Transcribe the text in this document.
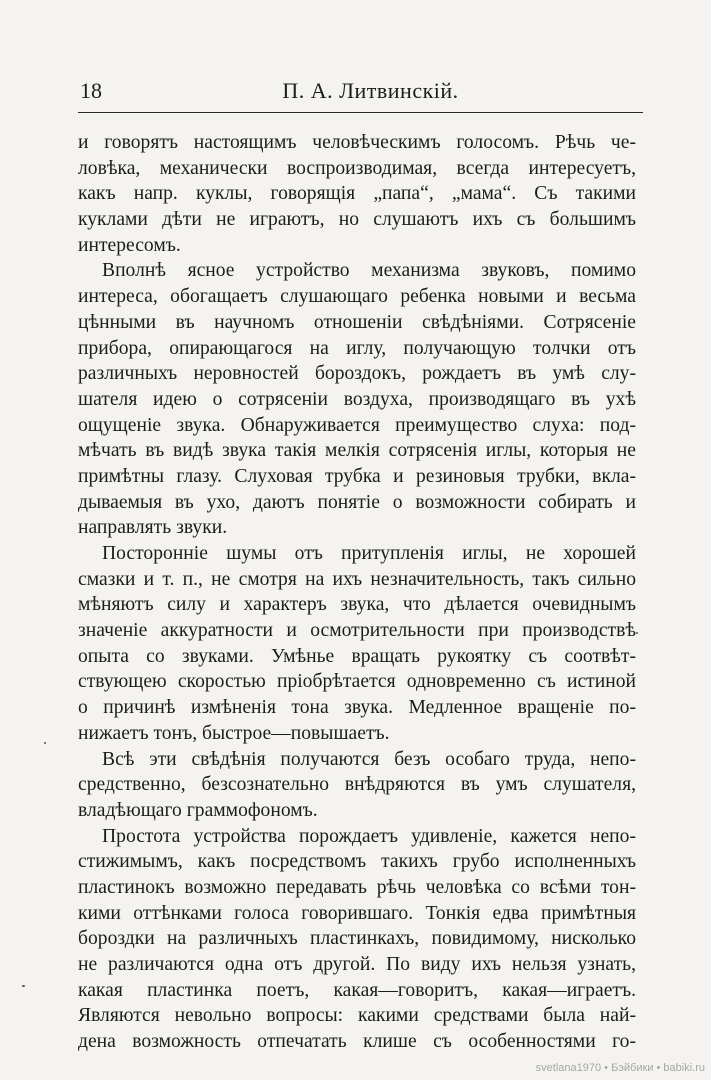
18	П. А. Литвинскій.
и говорятъ настоящимъ человѣческимъ голосомъ. Рѣчь че-
ловѣка, механически воспроизводимая, всегда интересуетъ,
какъ напр. куклы, говорящія „папа“, „мама“. Съ такими
куклами дѣти не играютъ, но слушаютъ ихъ съ большимъ
интересомъ.
Вполнѣ ясное устройство механизма звуковъ, помимо
интереса, обогащаетъ слушающаго ребенка новыми и весьма
цѣнными въ научномъ отношеніи свѣдѣніями. Сотрясеніе
прибора, опирающагося на иглу, получающую толчки отъ
различныхъ неровностей бороздокъ, рождаетъ въ умѣ слу-
шателя идею о сотрясеніи воздуха, производящаго въ ухѣ
ощущеніе звука. Обнаруживается преимущество слуха: под-
мѣчать въ видѣ звука такія мелкія сотрясенія иглы, которыя не
примѣтны глазу. Слуховая трубка и резиновыя трубки, вкла-
дываемыя въ ухо, даютъ понятіе о возможности собирать и
направлять звуки.
Посторонніе шумы отъ притупленія иглы, не хорошей
смазки и т. п., не смотря на ихъ незначительность, такъ сильно
мѣняютъ силу и характеръ звука, что дѣлается очевиднымъ
значеніе аккуратности и осмотрительности при производствѣ
опыта со звуками. Умѣнье вращать рукоятку съ соотвѣт-
ствующею скоростью пріобрѣтается одновременно съ истиной
о причинѣ измѣненія тона звука. Медленное вращеніе по-
нижаетъ тонъ, быстрое—повышаетъ.
Всѣ эти свѣдѣнія получаются безъ особаго труда, непо-
средственно, безсознательно внѣдряются въ умъ слушателя,
владѣющаго граммофономъ.
Простота устройства порождаетъ удивленіе, кажется непо-
стижимымъ, какъ посредствомъ такихъ грубо исполненныхъ
пластинокъ возможно передавать рѣчь человѣка со всѣми тон-
кими оттѣнками голоса говорившаго. Тонкія едва примѣтныя
бороздки на различныхъ пластинкахъ, повидимому, нисколько
не различаются одна отъ другой. По виду ихъ нельзя узнать,
какая пластинка поетъ, какая—говоритъ, какая—играетъ.
Являются невольно вопросы: какими средствами была най-
дена возможность отпечатать клише съ особенностями го-
svetlana1970 • Бэйбики • babiki.ru
